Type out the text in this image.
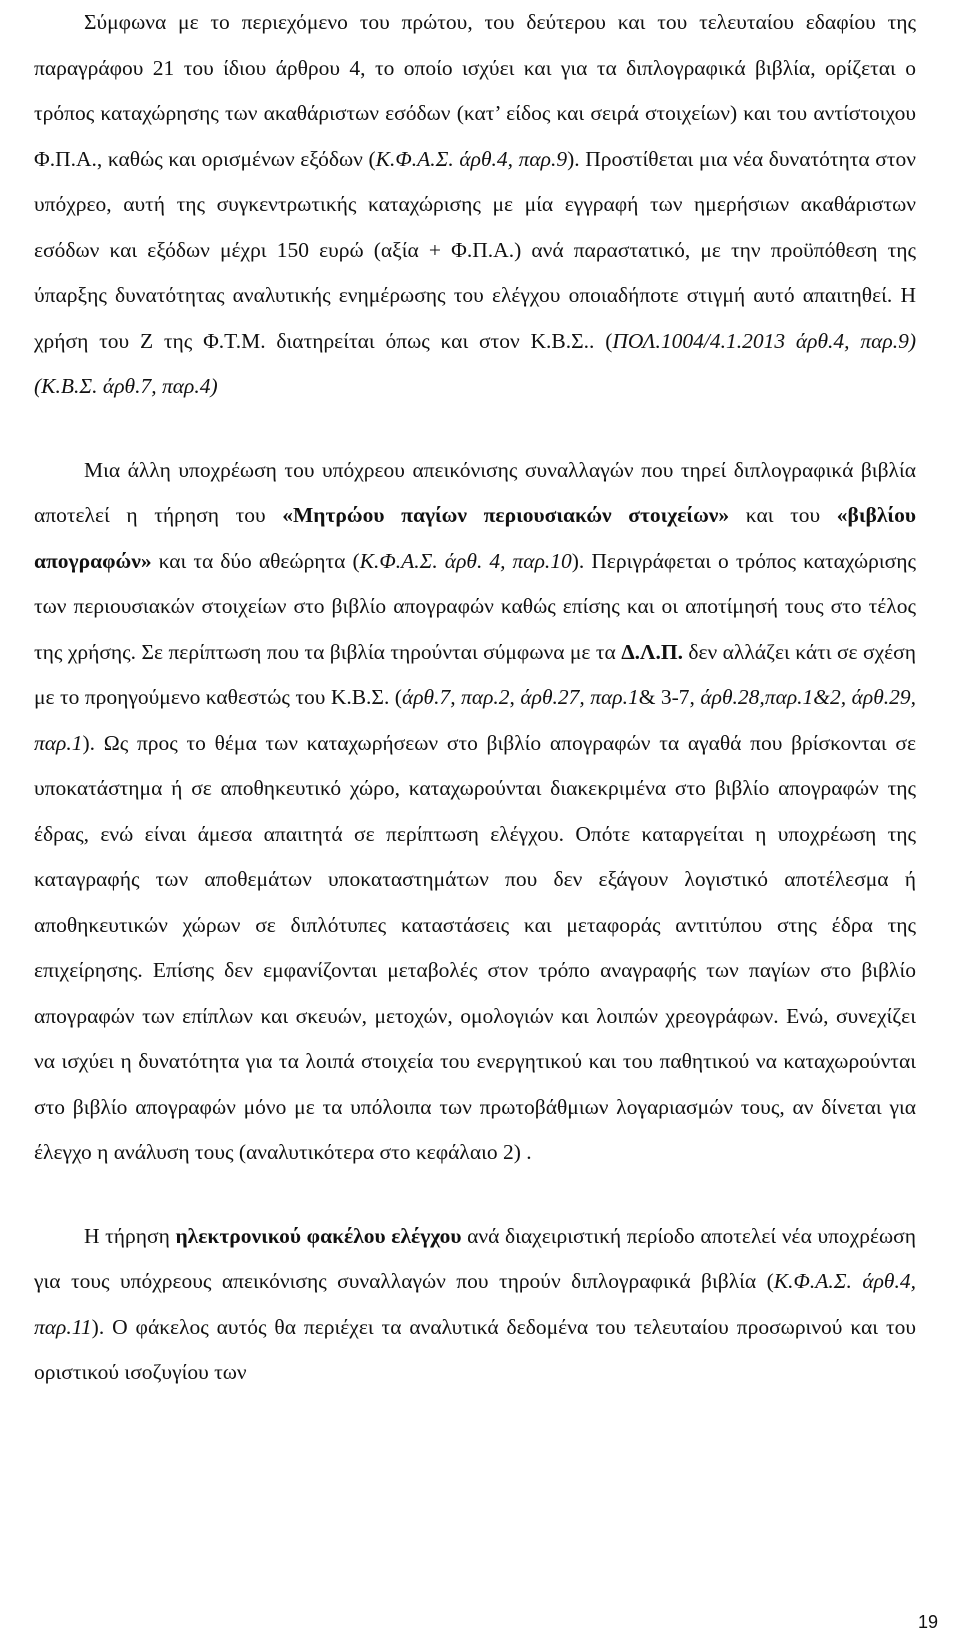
Σύμφωνα με το περιεχόμενο του πρώτου, του δεύτερου και του τελευταίου εδαφίου της παραγράφου 21 του ίδιου άρθρου 4, το οποίο ισχύει και για τα διπλογραφικά βιβλία, ορίζεται ο τρόπος καταχώρησης των ακαθάριστων εσόδων (κατ’ είδος και σειρά στοιχείων) και του αντίστοιχου Φ.Π.Α., καθώς και ορισμένων εξόδων (Κ.Φ.Α.Σ. άρθ.4, παρ.9). Προστίθεται μια νέα δυνατότητα στον υπόχρεο, αυτή της συγκεντρωτικής καταχώρισης με μία εγγραφή των ημερήσιων ακαθάριστων εσόδων και εξόδων μέχρι 150 ευρώ (αξία + Φ.Π.Α.) ανά παραστατικό, με την προϋπόθεση της ύπαρξης δυνατότητας αναλυτικής ενημέρωσης του ελέγχου οποιαδήποτε στιγμή αυτό απαιτηθεί. Η χρήση του Ζ της Φ.Τ.Μ. διατηρείται όπως και στον Κ.Β.Σ.. (ΠΟΛ.1004/4.1.2013 άρθ.4, παρ.9) (Κ.Β.Σ. άρθ.7, παρ.4)

Μια άλλη υποχρέωση του υπόχρεου απεικόνισης συναλλαγών που τηρεί διπλογραφικά βιβλία αποτελεί η τήρηση του «Μητρώου παγίων περιουσιακών στοιχείων» και του «βιβλίου απογραφών» και τα δύο αθεώρητα (Κ.Φ.Α.Σ. άρθ. 4, παρ.10). Περιγράφεται ο τρόπος καταχώρισης των περιουσιακών στοιχείων στο βιβλίο απογραφών καθώς επίσης και οι αποτίμησή τους στο τέλος της χρήσης. Σε περίπτωση που τα βιβλία τηρούνται σύμφωνα με τα Δ.Λ.Π. δεν αλλάζει κάτι σε σχέση με το προηγούμενο καθεστώς του Κ.Β.Σ. (άρθ.7, παρ.2, άρθ.27, παρ.1& 3-7, άρθ.28,παρ.1&2, άρθ.29, παρ.1). Ως προς το θέμα των καταχωρήσεων στο βιβλίο απογραφών τα αγαθά που βρίσκονται σε υποκατάστημα ή σε αποθηκευτικό χώρο, καταχωρούνται διακεκριμένα στο βιβλίο απογραφών της έδρας, ενώ είναι άμεσα απαιτητά σε περίπτωση ελέγχου. Οπότε καταργείται η υποχρέωση της καταγραφής των αποθεμάτων υποκαταστημάτων που δεν εξάγουν λογιστικό αποτέλεσμα ή αποθηκευτικών χώρων σε διπλότυπες καταστάσεις και μεταφοράς αντιτύπου στης έδρα της επιχείρησης. Επίσης δεν εμφανίζονται μεταβολές στον τρόπο αναγραφής των παγίων στο βιβλίο απογραφών των επίπλων και σκευών, μετοχών, ομολογιών και λοιπών χρεογράφων. Ενώ, συνεχίζει να ισχύει η δυνατότητα για τα λοιπά στοιχεία του ενεργητικού και του παθητικού να καταχωρούνται στο βιβλίο απογραφών μόνο με τα υπόλοιπα των πρωτοβάθμιων λογαριασμών τους, αν δίνεται για έλεγχο η ανάλυση τους (αναλυτικότερα στο κεφάλαιο 2) .

Η τήρηση ηλεκτρονικού φακέλου ελέγχου ανά διαχειριστική περίοδο αποτελεί νέα υποχρέωση για τους υπόχρεους απεικόνισης συναλλαγών που τηρούν διπλογραφικά βιβλία (Κ.Φ.Α.Σ. άρθ.4, παρ.11). Ο φάκελος αυτός θα περιέχει τα αναλυτικά δεδομένα του τελευταίου προσωρινού και του οριστικού ισοζυγίου των

19
